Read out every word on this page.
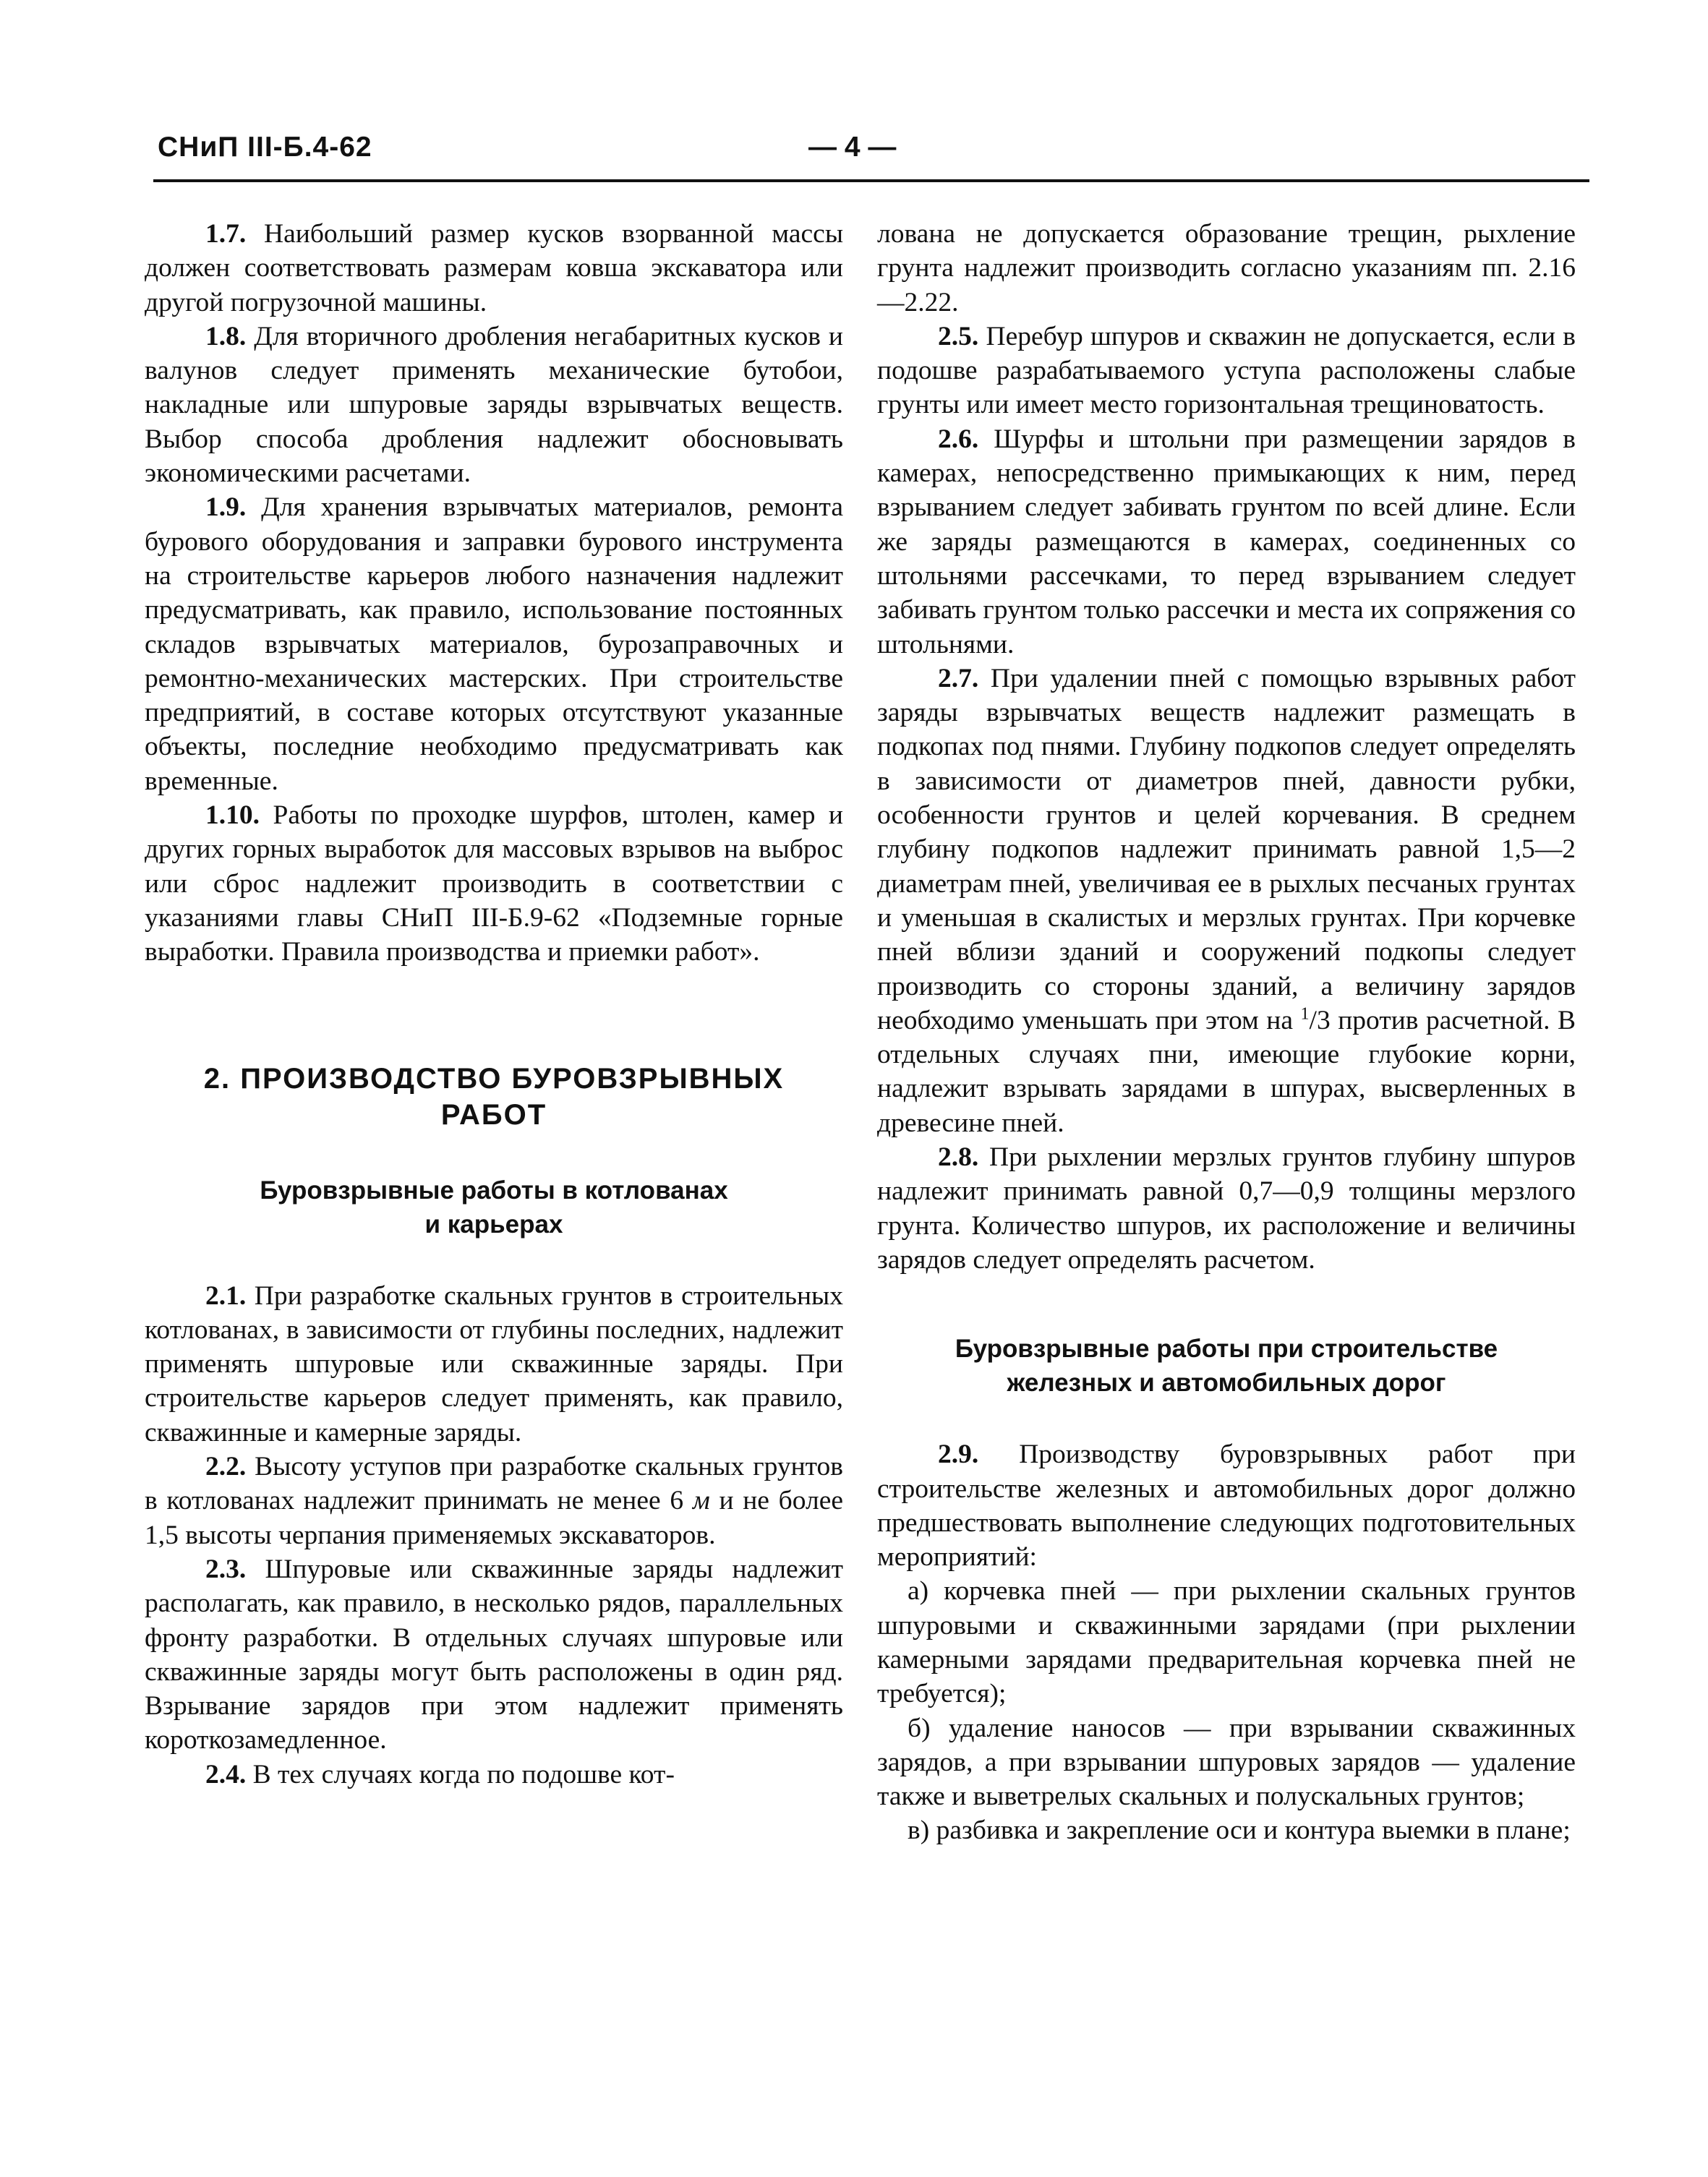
СНиП III-Б.4-62	— 4 —

1.7. Наибольший размер кусков взорванной массы должен соответствовать размерам ковша экскаватора или другой погрузочной машины.

1.8. Для вторичного дробления негабаритных кусков и валунов следует применять механические бутобои, накладные или шпуровые заряды взрывчатых веществ. Выбор способа дробления надлежит обосновывать экономическими расчетами.

1.9. Для хранения взрывчатых материалов, ремонта бурового оборудования и заправки бурового инструмента на строительстве карьеров любого назначения надлежит предусматривать, как правило, использование постоянных складов взрывчатых материалов, бурозаправочных и ремонтно-механических мастерских. При строительстве предприятий, в составе которых отсутствуют указанные объекты, последние необходимо предусматривать как временные.

1.10. Работы по проходке шурфов, штолен, камер и других горных выработок для массовых взрывов на выброс или сброс надлежит производить в соответствии с указаниями главы СНиП III-Б.9-62 «Подземные горные выработки. Правила производства и приемки работ».

2. ПРОИЗВОДСТВО БУРОВЗРЫВНЫХ
РАБОТ
Буровзрывные работы в котлованах
и карьерах

2.1. При разработке скальных грунтов в строительных котлованах, в зависимости от глубины последних, надлежит применять шпуровые или скважинные заряды. При строительстве карьеров следует применять, как правило, скважинные и камерные заряды.

2.2. Высоту уступов при разработке скальных грунтов в котлованах надлежит принимать не менее 6 м и не более 1,5 высоты черпания применяемых экскаваторов.

2.3. Шпуровые или скважинные заряды надлежит располагать, как правило, в несколько рядов, параллельных фронту разработки. В отдельных случаях шпуровые или скважинные заряды могут быть расположены в один ряд. Взрывание зарядов при этом надлежит применять короткозамедленное.

2.4. В тех случаях когда по подошве кот-

лована не допускается образование трещин, рыхление грунта надлежит производить согласно указаниям пп. 2.16—2.22.

2.5. Перебур шпуров и скважин не допускается, если в подошве разрабатываемого уступа расположены слабые грунты или имеет место горизонтальная трещиноватость.

2.6. Шурфы и штольни при размещении зарядов в камерах, непосредственно примыкающих к ним, перед взрыванием следует забивать грунтом по всей длине. Если же заряды размещаются в камерах, соединенных со штольнями рассечками, то перед взрыванием следует забивать грунтом только рассечки и места их сопряжения со штольнями.

2.7. При удалении пней с помощью взрывных работ заряды взрывчатых веществ надлежит размещать в подкопах под пнями. Глубину подкопов следует определять в зависимости от диаметров пней, давности рубки, особенности грунтов и целей корчевания. В среднем глубину подкопов надлежит принимать равной 1,5—2 диаметрам пней, увеличивая ее в рыхлых песчаных грунтах и уменьшая в скалистых и мерзлых грунтах. При корчевке пней вблизи зданий и сооружений подкопы следует производить со стороны зданий, а величину зарядов необходимо уменьшать при этом на $^1$/3 против расчетной. В отдельных случаях пни, имеющие глубокие корни, надлежит взрывать зарядами в шпурах, высверленных в древесине пней.

2.8. При рыхлении мерзлых грунтов глубину шпуров надлежит принимать равной 0,7—0,9 толщины мерзлого грунта. Количество шпуров, их расположение и величины зарядов следует определять расчетом.

Буровзрывные работы при строительстве
железных и автомобильных дорог

2.9. Производству буровзрывных работ при строительстве железных и автомобильных дорог должно предшествовать выполнение следующих подготовительных мероприятий:

а) корчевка пней — при рыхлении скальных грунтов шпуровыми и скважинными зарядами (при рыхлении камерными зарядами предварительная корчевка пней не требуется);

б) удаление наносов — при взрывании скважинных зарядов, а при взрывании шпуровых зарядов — удаление также и выветрелых скальных и полускальных грунтов;

в) разбивка и закрепление оси и контура выемки в плане;
